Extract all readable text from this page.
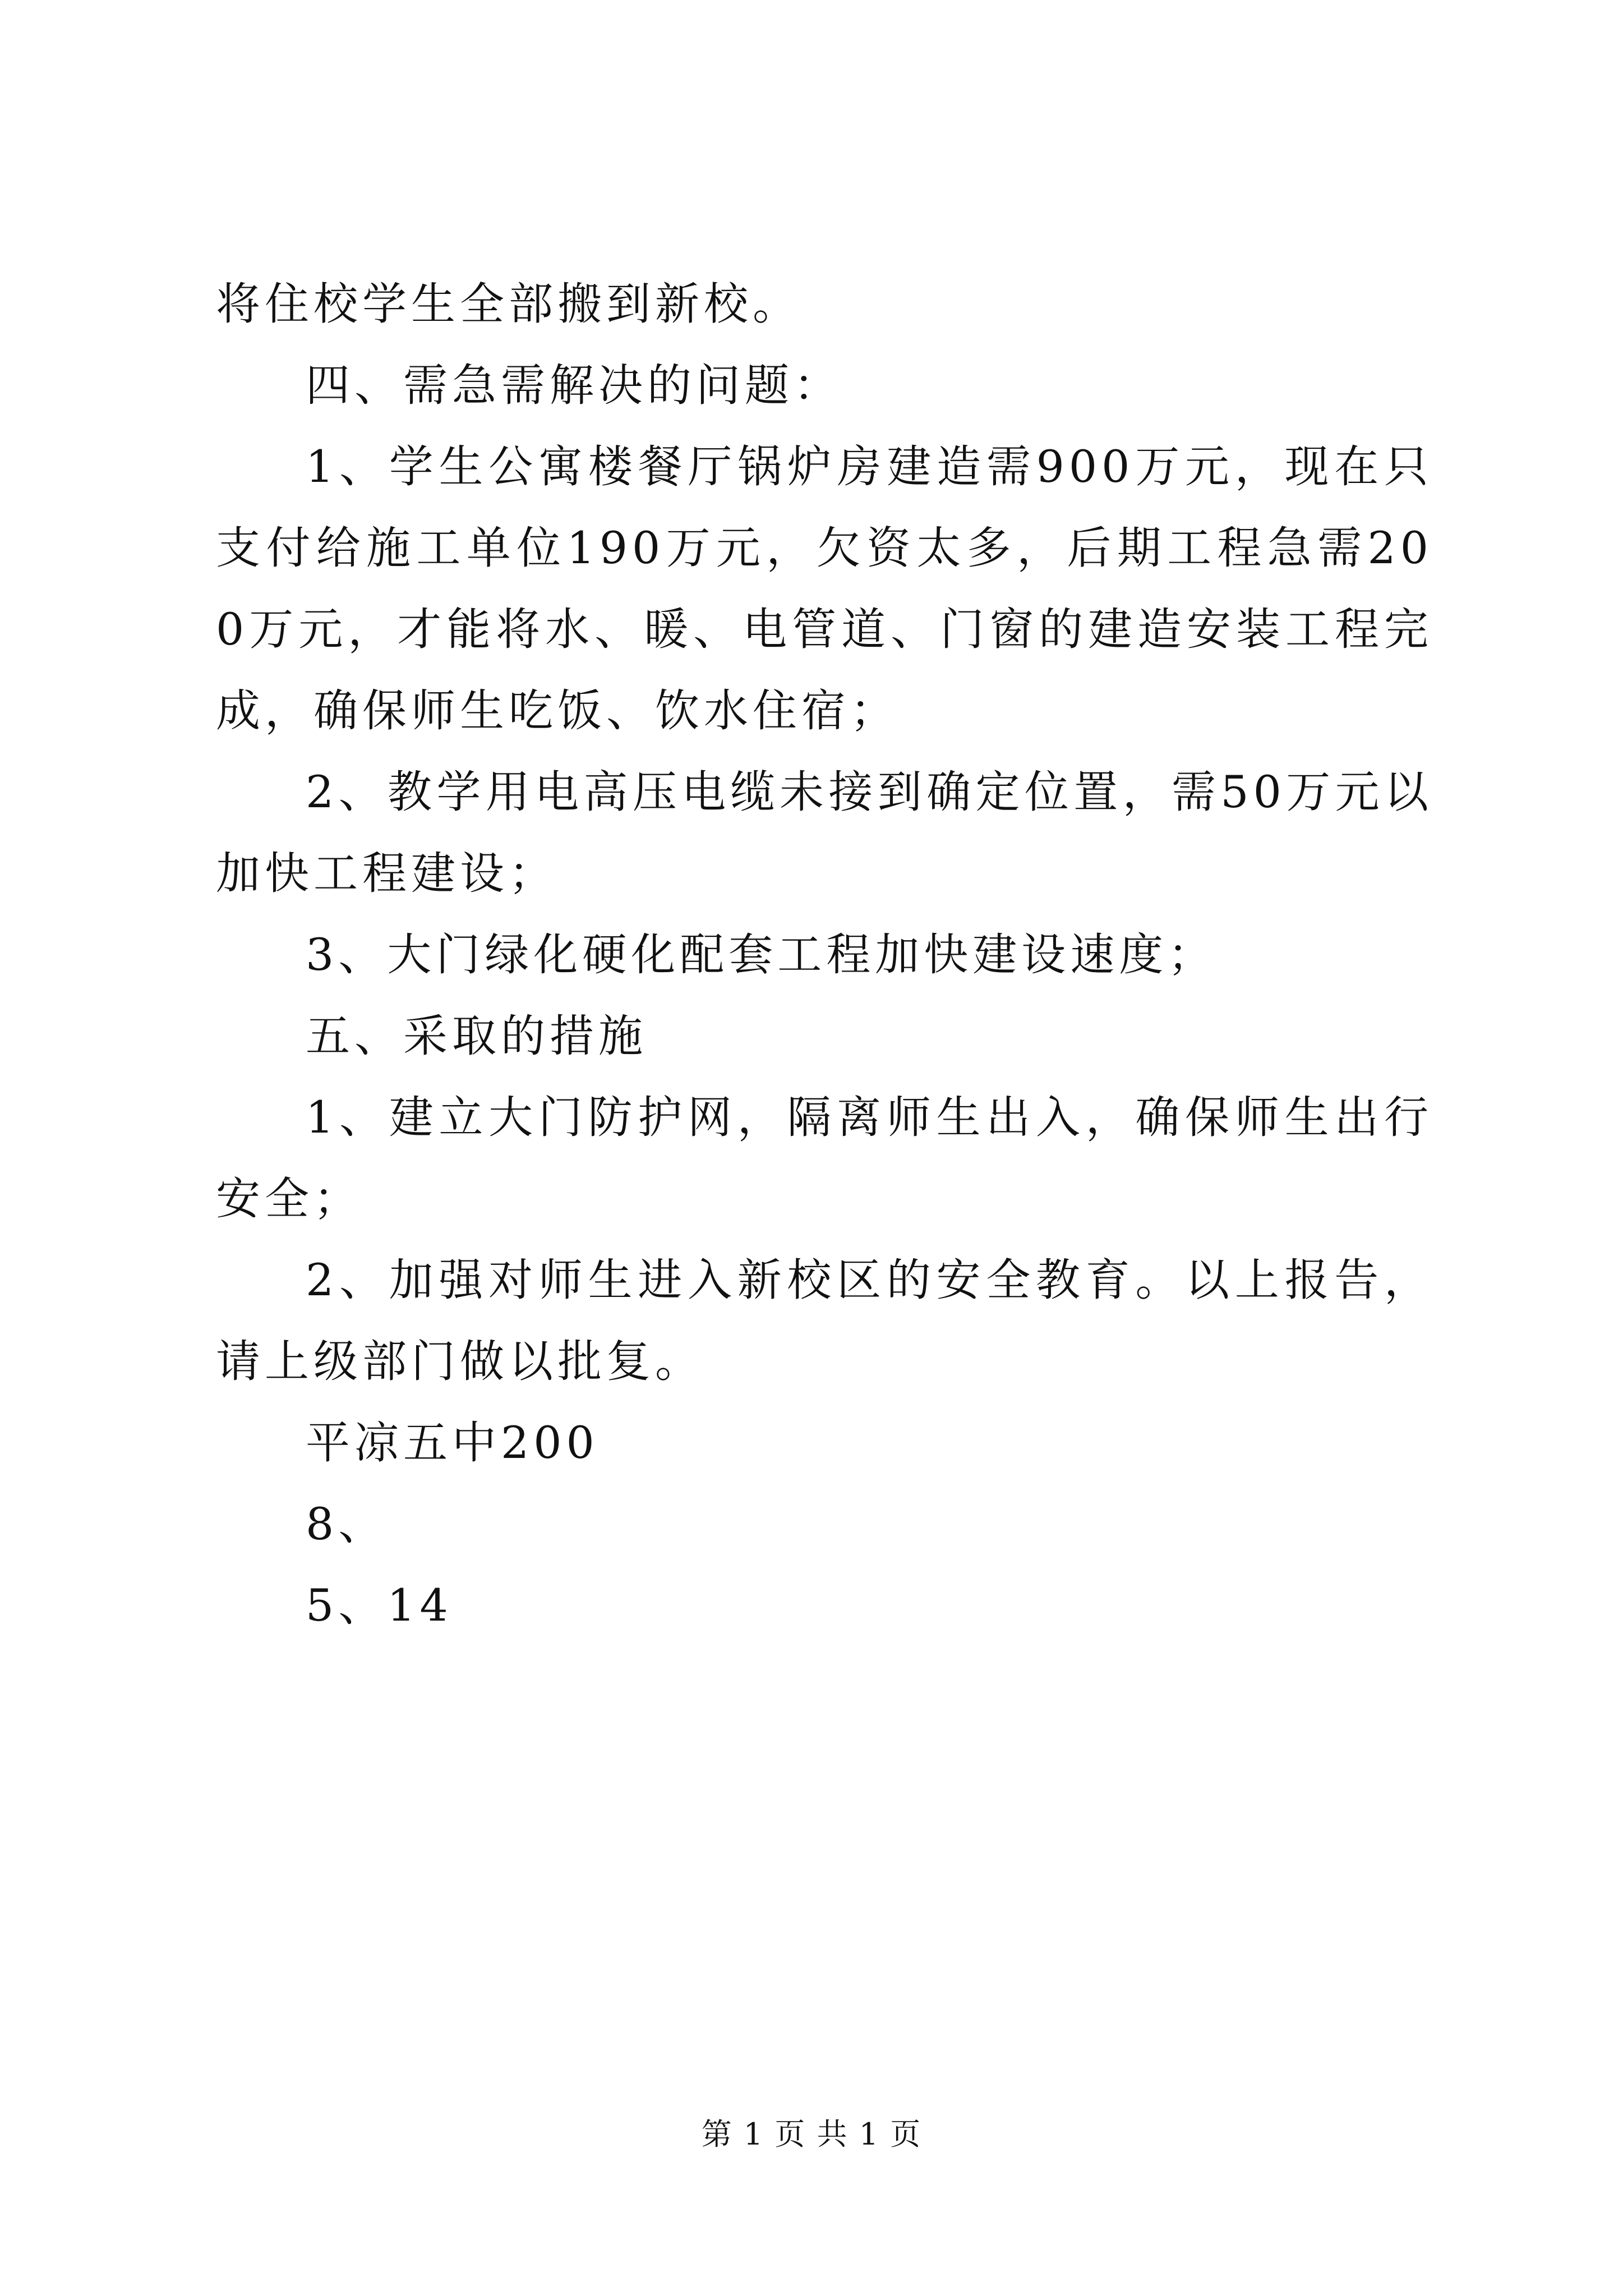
将住校学生全部搬到新校。

四、需急需解决的问题：

1、学生公寓楼餐厅锅炉房建造需900万元，现在只支付给施工单位190万元，欠资太多，后期工程急需200万元，才能将水、暖、电管道、门窗的建造安装工程完成，确保师生吃饭、饮水住宿；

2、教学用电高压电缆未接到确定位置，需50万元以加快工程建设；

3、大门绿化硬化配套工程加快建设速度；

五、采取的措施

1、建立大门防护网，隔离师生出入，确保师生出行安全；

2、加强对师生进入新校区的安全教育。以上报告，请上级部门做以批复。

平凉五中200

8、

5、14

第 1 页 共 1 页
